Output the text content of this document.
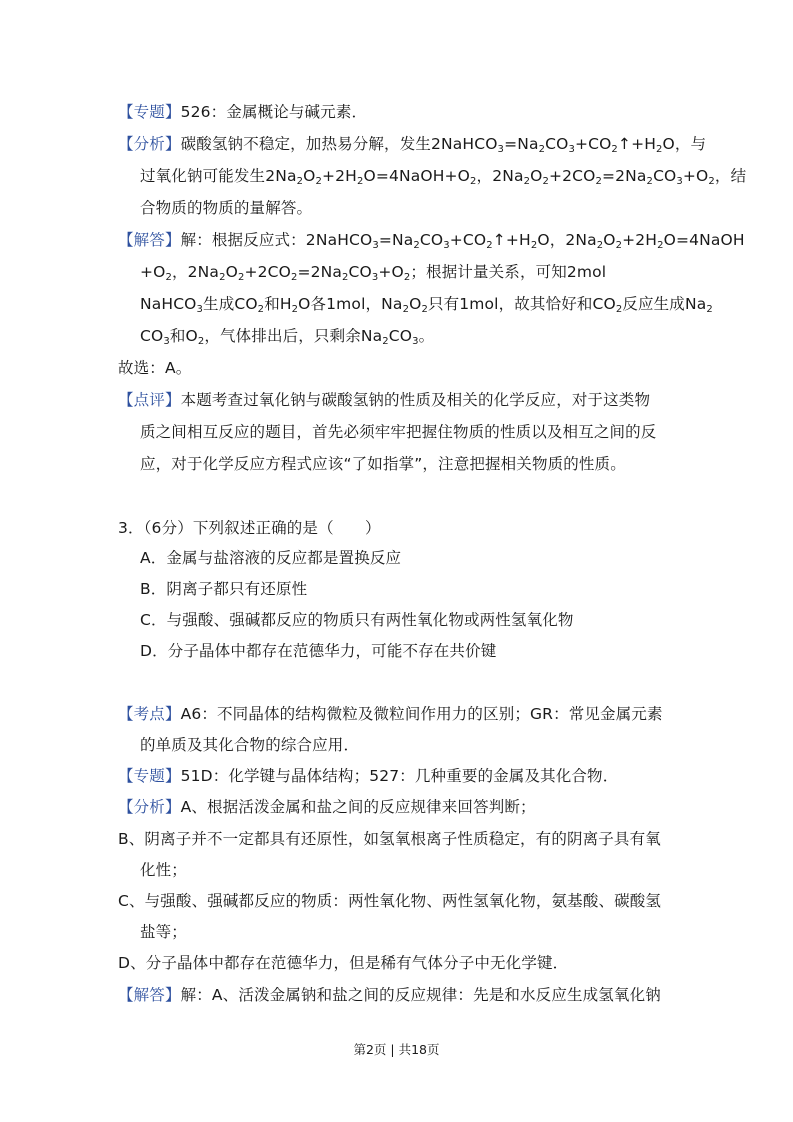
【专题】526：金属概论与碱元素．
【分析】碳酸氢钠不稳定，加热易分解，发生$2NaHCO_3=Na_2CO_3+CO_2↑+H_2O$，与
过氧化钠可能发生$2Na_2O_2+2H_2O=4NaOH+O_2$，$2Na_2O_2+2CO_2=2Na_2CO_3+O_2$，结
合物质的物质的量解答。
【解答】解：根据反应式：$2NaHCO_3=Na_2CO_3+CO_2↑+H_2O$，$2Na_2O_2+2H_2O=4NaOH$
$+O_2$，$2Na_2O_2+2CO_2=2Na_2CO_3+O_2$；根据计量关系，可知2mol
NaHCO$_3$生成$CO_2$和$H_2O$各1mol，$Na_2O_2$只有1mol，故其恰好和$CO_2$反应生成$Na_2$
$CO_3$和$O_2$，气体排出后，只剩余$Na_2CO_3$。
故选：A。
【点评】本题考查过氧化钠与碳酸氢钠的性质及相关的化学反应，对于这类物
质之间相互反应的题目，首先必须牢牢把握住物质的性质以及相互之间的反
应，对于化学反应方程式应该“了如指掌”，注意把握相关物质的性质。
3．（6分）下列叙述正确的是（　　）
A．金属与盐溶液的反应都是置换反应
B．阴离子都只有还原性
C．与强酸、强碱都反应的物质只有两性氧化物或两性氢氧化物
D．分子晶体中都存在范德华力，可能不存在共价键
【考点】A6：不同晶体的结构微粒及微粒间作用力的区别；GR：常见金属元素
的单质及其化合物的综合应用．
【专题】51D：化学键与晶体结构；527：几种重要的金属及其化合物．
【分析】A、根据活泼金属和盐之间的反应规律来回答判断；
B、阴离子并不一定都具有还原性，如氢氧根离子性质稳定，有的阴离子具有氧
化性；
C、与强酸、强碱都反应的物质：两性氧化物、两性氢氧化物，氨基酸、碳酸氢
盐等；
D、分子晶体中都存在范德华力，但是稀有气体分子中无化学键．
【解答】解：A、活泼金属钠和盐之间的反应规律：先是和水反应生成氢氧化钠
第2页 | 共18页
